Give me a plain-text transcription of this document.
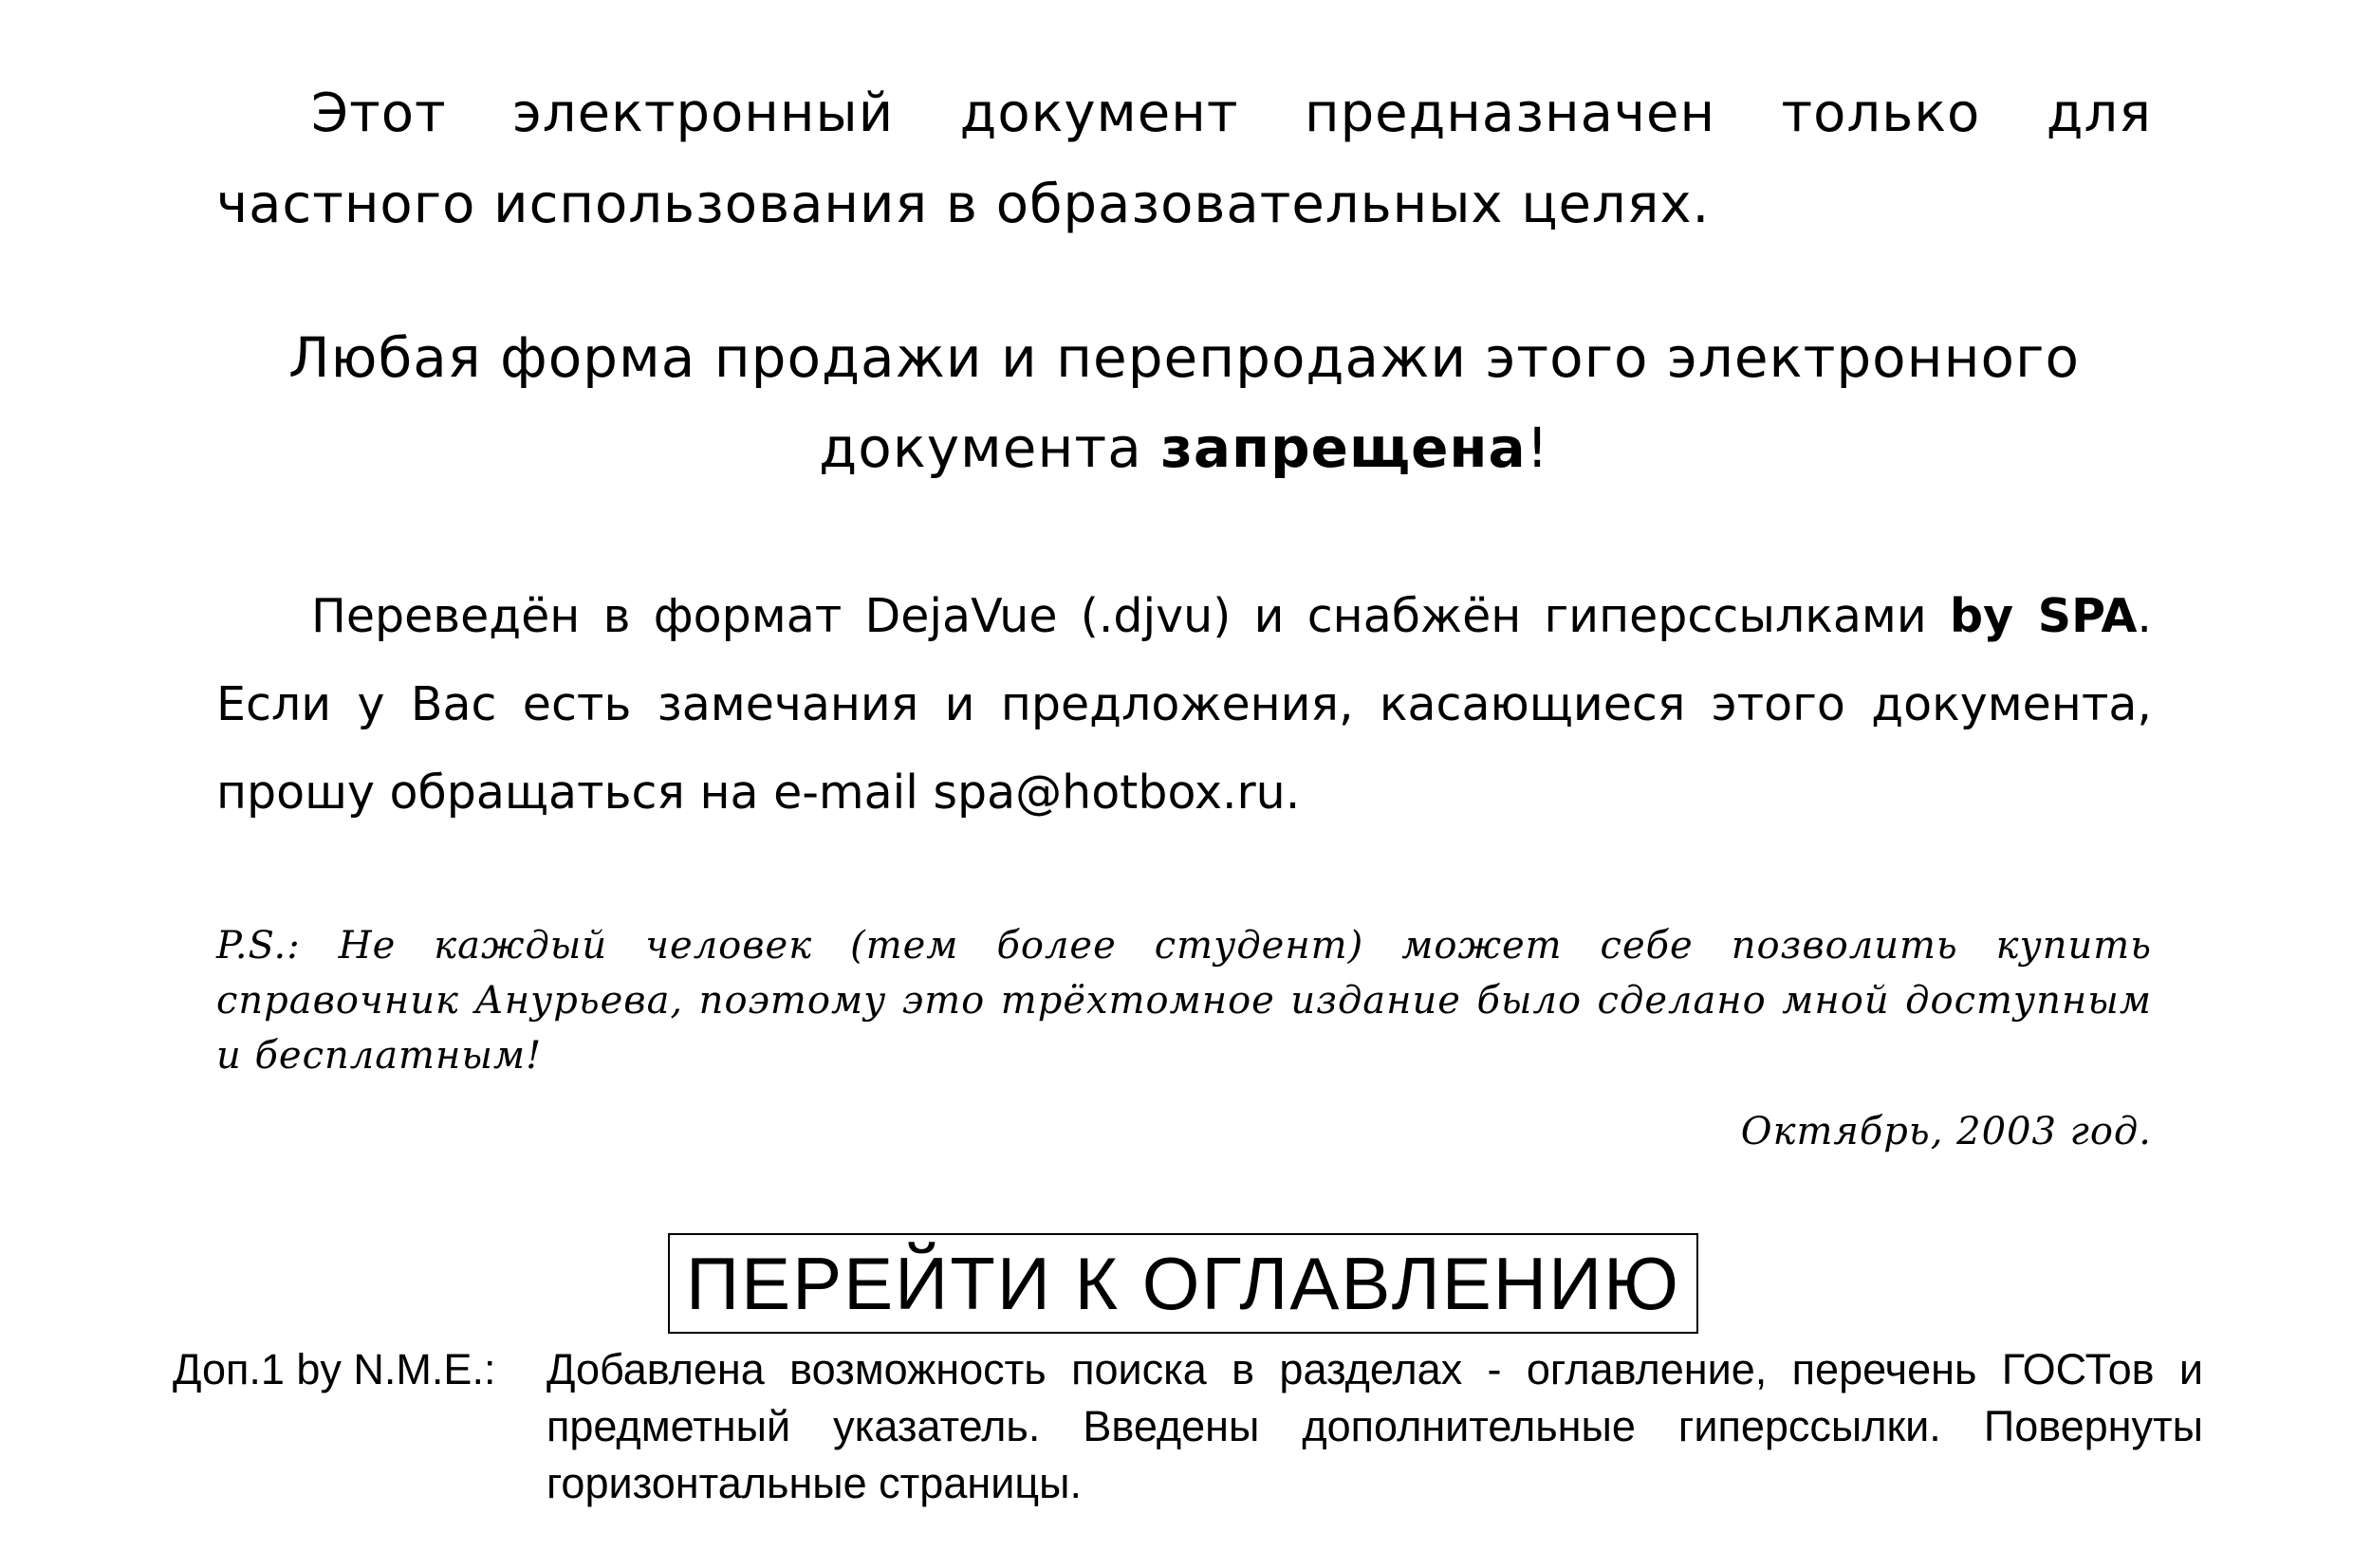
Этот электронный документ предназначен только для частного использования в образовательных целях.

Любая форма продажи и перепродажи этого электронного
документа запрещена!

Переведён в формат DejaVue (.djvu) и снабжён гиперссылками by SPA. Если у Вас есть замечания и предложения, касающиеся этого документа, прошу обращаться на e-mail spa@hotbox.ru.

P.S.: Не каждый человек (тем более студент) может себе позволить купить справочник Анурьева, поэтому это трёхтомное издание было сделано мной доступным и бесплатным!

Октябрь, 2003 год.
ПЕРЕЙТИ К ОГЛАВЛЕНИЮ
Доп.1 by N.M.E.:	Добавлена возможность поиска в разделах - оглавление, перечень ГОСТов и предметный указатель. Введены дополнительные гиперссылки. Повернуты горизонтальные страницы.
